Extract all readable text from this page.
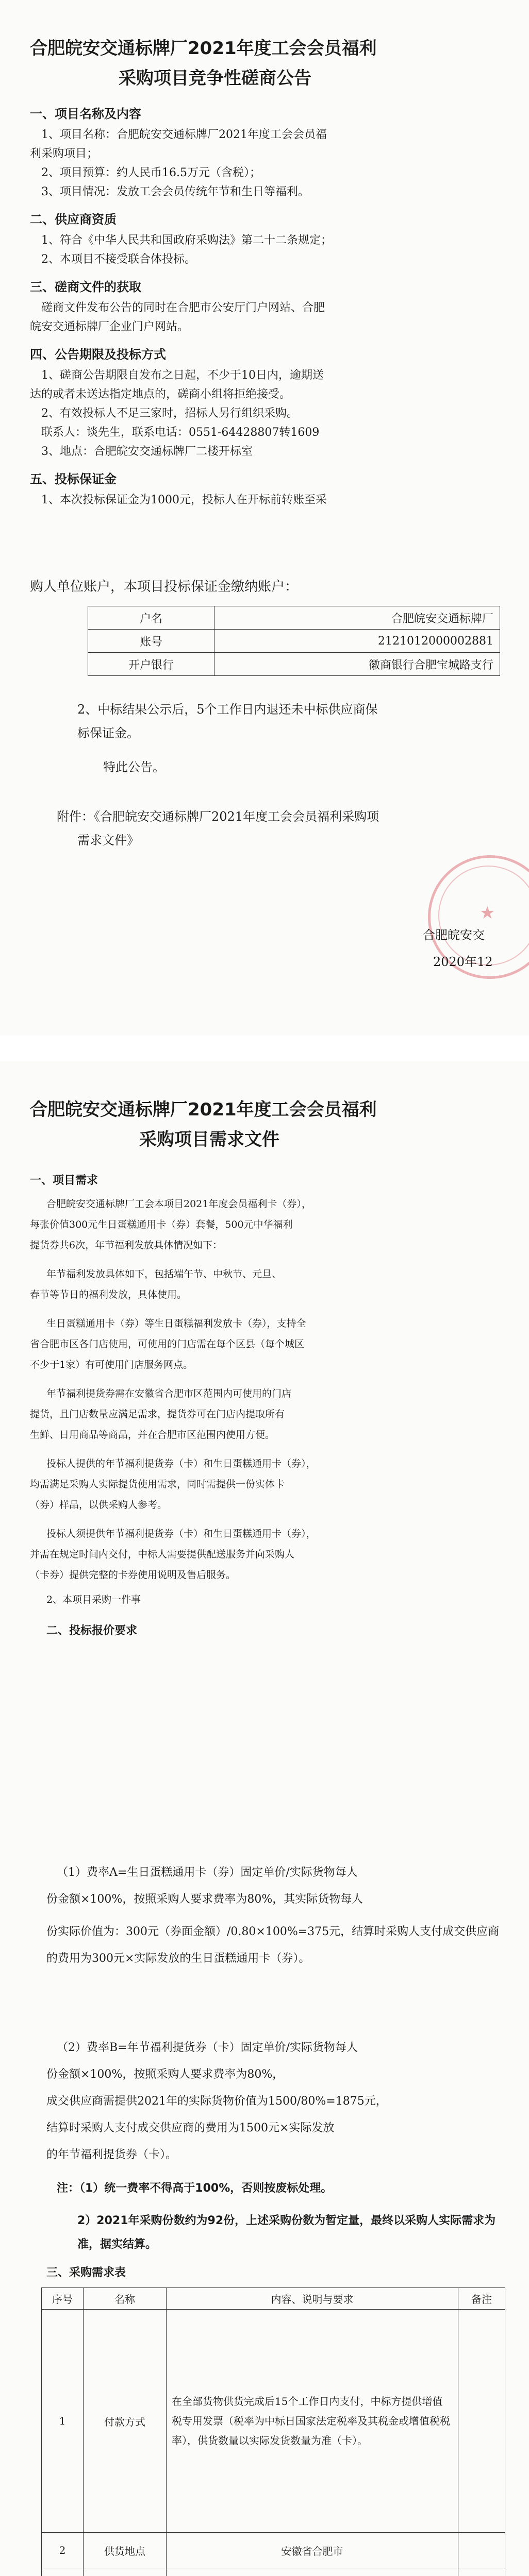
合肥皖安交通标牌厂2021年度工会会员福利
采购项目竞争性磋商公告
一、项目名称及内容
1、项目名称：合肥皖安交通标牌厂2021年度工会会员福
利采购项目；
2、项目预算：约人民币16.5万元（含税）；
3、项目情况：发放工会会员传统年节和生日等福利。
二、供应商资质
1、符合《中华人民共和国政府采购法》第二十二条规定；
2、本项目不接受联合体投标。
三、磋商文件的获取
磋商文件发布公告的同时在合肥市公安厅门户网站、合肥
皖安交通标牌厂企业门户网站。
四、公告期限及投标方式
1、磋商公告期限自发布之日起，不少于10日内，逾期送
达的或者未送达指定地点的，磋商小组将拒绝接受。
2、有效投标人不足三家时，招标人另行组织采购。
联系人：谈先生，联系电话：0551-64428807转1609
3、地点：合肥皖安交通标牌厂二楼开标室
五、投标保证金
1、本次投标保证金为1000元，投标人在开标前转账至采
购人单位账户，本项目投标保证金缴纳账户：
户名	合肥皖安交通标牌厂
账号	2121012000002881
开户银行	徽商银行合肥宝城路支行
2、中标结果公示后，5个工作日内退还未中标供应商保
标保证金。
特此公告。
附件：《合肥皖安交通标牌厂2021年度工会会员福利采购项
需求文件》
★
合肥皖安交
2020年12
合肥皖安交通标牌厂2021年度工会会员福利
采购项目需求文件
一、项目需求
合肥皖安交通标牌厂工会本项目2021年度会员福利卡（券），
每张价值300元生日蛋糕通用卡（券）套餐，500元中华福利
提货券共6次，年节福利发放具体情况如下：
年节福利发放具体如下，包括端午节、中秋节、元旦、
春节等节日的福利发放，具体使用。
生日蛋糕通用卡（券）等生日蛋糕福利发放卡（券），支持全
省合肥市区各门店使用，可使用的门店需在每个区县（每个城区
不少于1家）有可使用门店服务网点。
年节福利提货券需在安徽省合肥市区范围内可使用的门店
提货，且门店数量应满足需求，提货券可在门店内提取所有
生鲜、日用商品等商品，并在合肥市区范围内使用方便。
投标人提供的年节福利提货券（卡）和生日蛋糕通用卡（券），
均需满足采购人实际提货使用需求，同时需提供一份实体卡
（券）样品，以供采购人参考。
投标人须提供年节福利提货券（卡）和生日蛋糕通用卡（券），
并需在规定时间内交付，中标人需要提供配送服务并向采购人
（卡券）提供完整的卡券使用说明及售后服务。
2、本项目采购一件事
二、投标报价要求
（1）费率A=生日蛋糕通用卡（券）固定单价/实际货物每人
份金额×100%，按照采购人要求费率为80%，其实际货物每人
份实际价值为：300元（券面金额）/0.80×100%=375元，结算时采购人支付成交供应商的费用为300元×实际发放的生日蛋糕通用卡（券）。
（2）费率B=年节福利提货券（卡）固定单价/实际货物每人
份金额×100%，按照采购人要求费率为80%，
成交供应商需提供2021年的实际货物价值为1500/80%=1875元，
结算时采购人支付成交供应商的费用为1500元×实际发放
的年节福利提货券（卡）。
注：（1）统一费率不得高于100%，否则按废标处理。
2）2021年采购份数约为92份，上述采购份数为暂定量，最终以采购人实际需求为准，据实结算。
三、采购需求表
序号	名称	内容、说明与要求	备注
1	付款方式	在全部货物供货完成后15个工作日内支付，中标方提供增值税专用发票（税率为中标日国家法定税率及其税金或增值税税率），供货数量以实际发货数量为准（卡）。	
2	供货地点	安徽省合肥市	
